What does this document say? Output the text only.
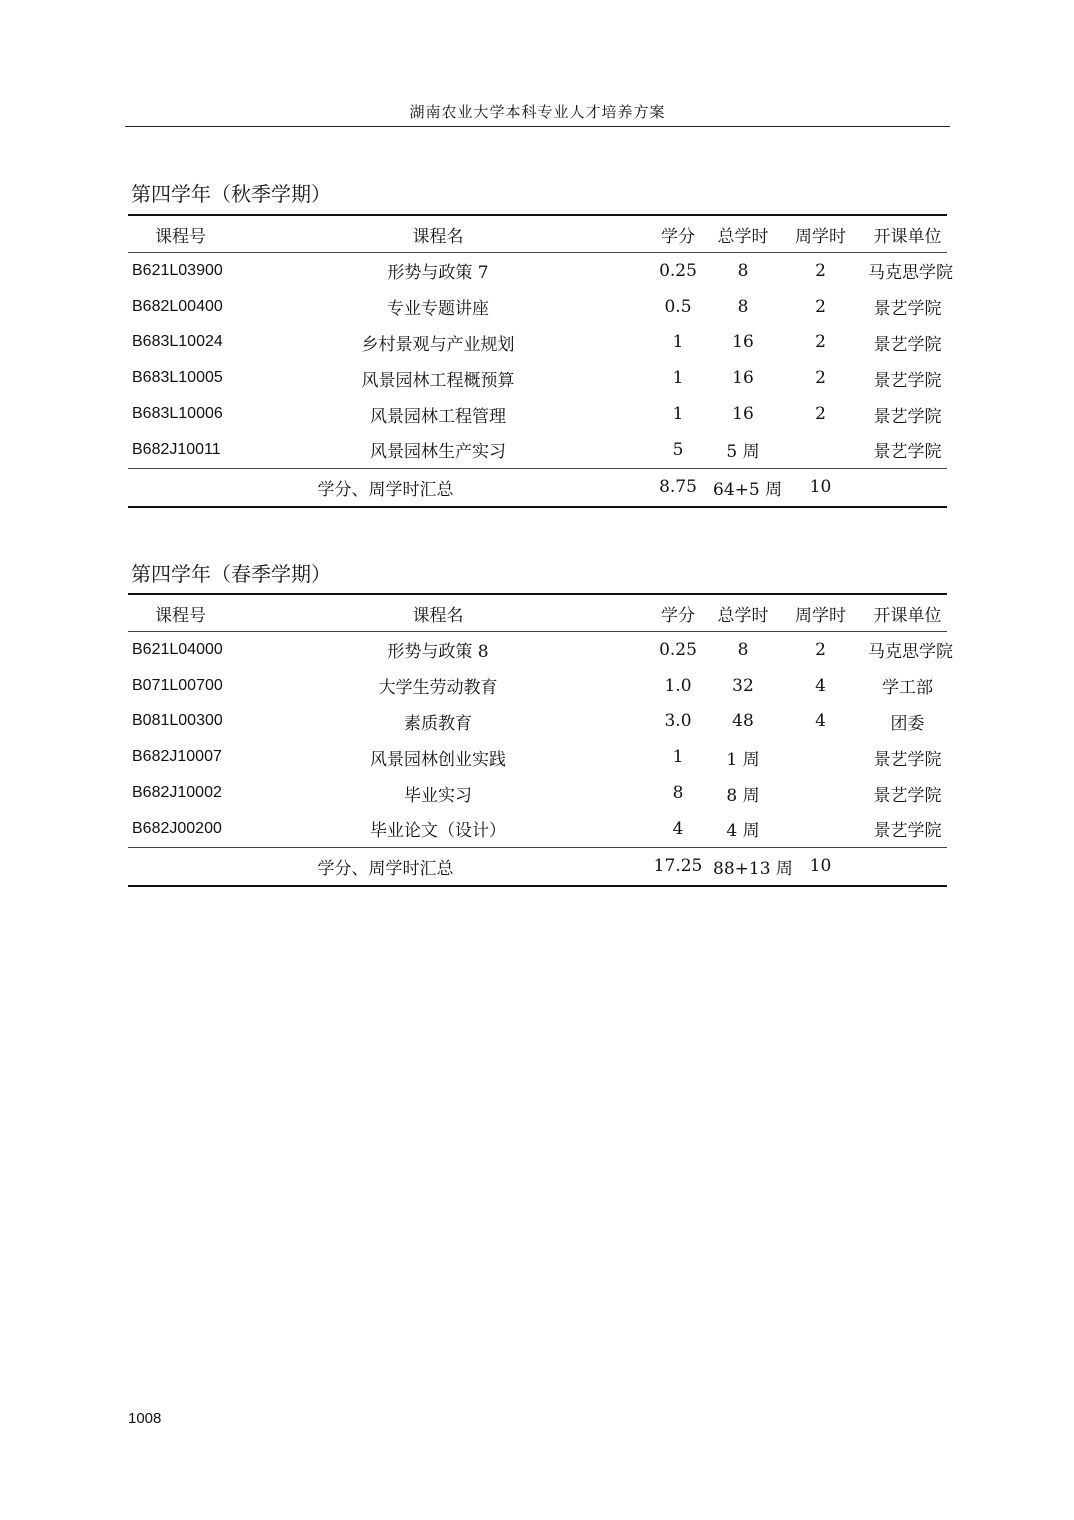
湖南农业大学本科专业人才培养方案
第四学年（秋季学期）
课程号	课程名	学分	总学时	周学时	开课单位
B621L03900	形势与政策 7	0.25	8	2	马克思学院
B682L00400	专业专题讲座	0.5	8	2	景艺学院
B683L10024	乡村景观与产业规划	1	16	2	景艺学院
B683L10005	风景园林工程概预算	1	16	2	景艺学院
B683L10006	风景园林工程管理	1	16	2	景艺学院
B682J10011	风景园林生产实习	5	5 周		景艺学院
学分、周学时汇总		8.75	64+5 周	10	
第四学年（春季学期）
课程号	课程名	学分	总学时	周学时	开课单位
B621L04000	形势与政策 8	0.25	8	2	马克思学院
B071L00700	大学生劳动教育	1.0	32	4	学工部
B081L00300	素质教育	3.0	48	4	团委
B682J10007	风景园林创业实践	1	1 周		景艺学院
B682J10002	毕业实习	8	8 周		景艺学院
B682J00200	毕业论文（设计）	4	4 周		景艺学院
学分、周学时汇总		17.25	88+13 周	10	
1008
